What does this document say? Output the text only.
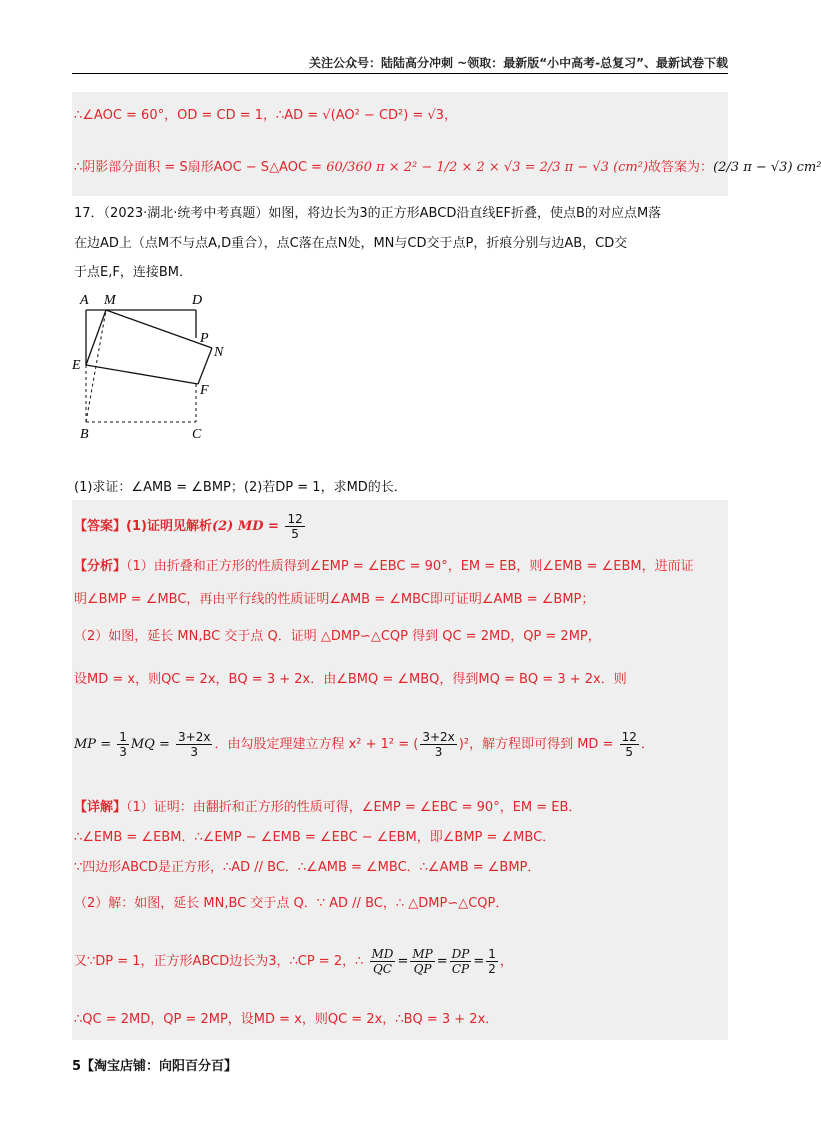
关注公众号：陆陆高分冲刺 ~领取：最新版“小中高考-总复习”、最新试卷下载
∴∠AOC = 60°，OD = CD = 1，∴AD = √(AO² − CD²) = √3，
∴阴影部分面积 = S扇形AOC − S△AOC = 60/360 π × 2² − 1/2 × 2 × √3 = 2/3 π − √3 (cm²)故答案为：(2/3 π − √3) cm²
17．（2023·湖北·统考中考真题）如图，将边长为3的正方形ABCD沿直线EF折叠，使点B的对应点M落
在边AD上（点M不与点A,D重合），点C落在点N处，MN与CD交于点P，折痕分别与边AB，CD交
于点E,F，连接BM．
A M	D
P
N
E
F
B	C
(1)求证：∠AMB = ∠BMP；(2)若DP = 1，求MD的长．
【答案】(1)证明见解析(2) MD = $\frac{12}{5}$
【分析】（1）由折叠和正方形的性质得到∠EMP = ∠EBC = 90°，EM = EB，则∠EMB = ∠EBM，进而证
明∠BMP = ∠MBC，再由平行线的性质证明∠AMB = ∠MBC即可证明∠AMB = ∠BMP；
（2）如图，延长 MN,BC 交于点 Q．证明 △DMP∽△CQP 得到 QC = 2MD，QP = 2MP，
设MD = x，则QC = 2x，BQ = 3 + 2x．由∠BMQ = ∠MBQ，得到MQ = BQ = 3 + 2x．则
MP = $\frac{1}{3}$ MQ = $\frac{3+2x}{3}$ ．由勾股定理建立方程 x² + 1² = ( $\frac{3+2x}{3} )^2$，解方程即可得到 MD = $\frac{12}{5}$ ．
【详解】（1）证明：由翻折和正方形的性质可得，∠EMP = ∠EBC = 90°，EM = EB．
∴∠EMB = ∠EBM．∴∠EMP − ∠EMB = ∠EBC − ∠EBM，即∠BMP = ∠MBC．
∵四边形ABCD是正方形，∴AD // BC．∴∠AMB = ∠MBC．∴∠AMB = ∠BMP．
（2）解：如图，延长 MN,BC 交于点 Q．∵ AD // BC，∴ △DMP∽△CQP．
又∵DP = 1，正方形ABCD边长为3，∴CP = 2，∴ $\frac{MD}{QC} = \frac{MP}{QP} = \frac{DP}{CP} = \frac{1}{2}$ ，
∴QC = 2MD，QP = 2MP，设MD = x，则QC = 2x，∴BQ = 3 + 2x．
5【淘宝店铺：向阳百分百】
